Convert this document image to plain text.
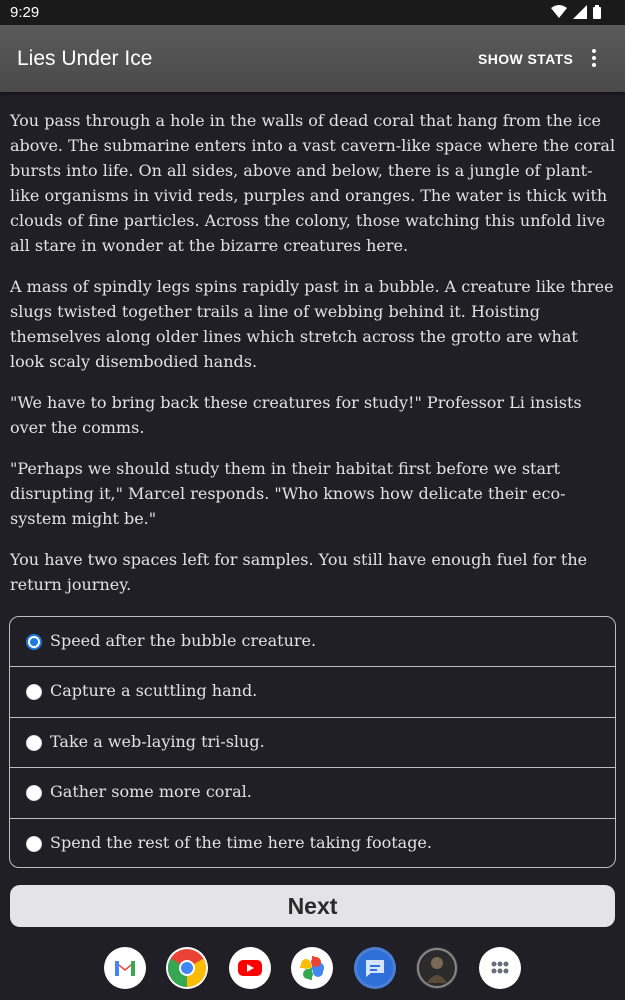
9:29
Lies Under Ice	SHOW STATS

You pass through a hole in the walls of dead coral that hang from the ice above. The submarine enters into a vast cavern-like space where the coral bursts into life. On all sides, above and below, there is a jungle of plant-like organisms in vivid reds, purples and oranges. The water is thick with clouds of fine particles. Across the colony, those watching this unfold live all stare in wonder at the bizarre creatures here.

A mass of spindly legs spins rapidly past in a bubble. A creature like three slugs twisted together trails a line of webbing behind it. Hoisting themselves along older lines which stretch across the grotto are what look scaly disembodied hands.

"We have to bring back these creatures for study!" Professor Li insists over the comms.

"Perhaps we should study them in their habitat first before we start disrupting it," Marcel responds. "Who knows how delicate their eco-system might be."

You have two spaces left for samples. You still have enough fuel for the return journey.

Speed after the bubble creature.
Capture a scuttling hand.
Take a web-laying tri-slug.
Gather some more coral.
Spend the rest of the time here taking footage.
Next
